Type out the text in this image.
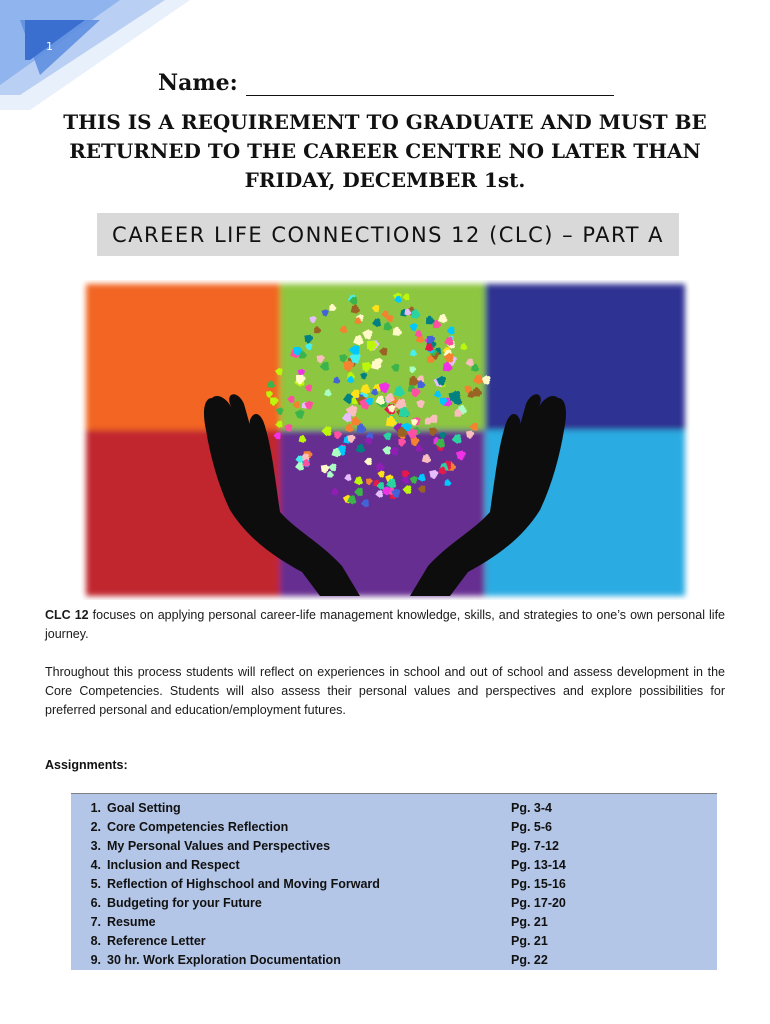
1
Name:
THIS IS A REQUIREMENT TO GRADUATE AND MUST BE
RETURNED TO THE CAREER CENTRE NO LATER THAN
FRIDAY, DECEMBER 1st.
CAREER LIFE CONNECTIONS 12 (CLC) – PART A
CLC 12 focuses on applying personal career-life management knowledge, skills, and strategies to one’s own personal life journey.
Throughout this process students will reflect on experiences in school and out of school and assess development in the Core Competencies. Students will also assess their personal values and perspectives and explore possibilities for preferred personal and education/employment futures.
Assignments:
1. Goal Setting	Pg. 3-4
2. Core Competencies Reflection	Pg. 5-6
3. My Personal Values and Perspectives	Pg. 7-12
4. Inclusion and Respect	Pg. 13-14
5. Reflection of Highschool and Moving Forward	Pg. 15-16
6. Budgeting for your Future	Pg. 17-20
7. Resume	Pg. 21
8. Reference Letter	Pg. 21
9. 30 hr. Work Exploration Documentation	Pg. 22
